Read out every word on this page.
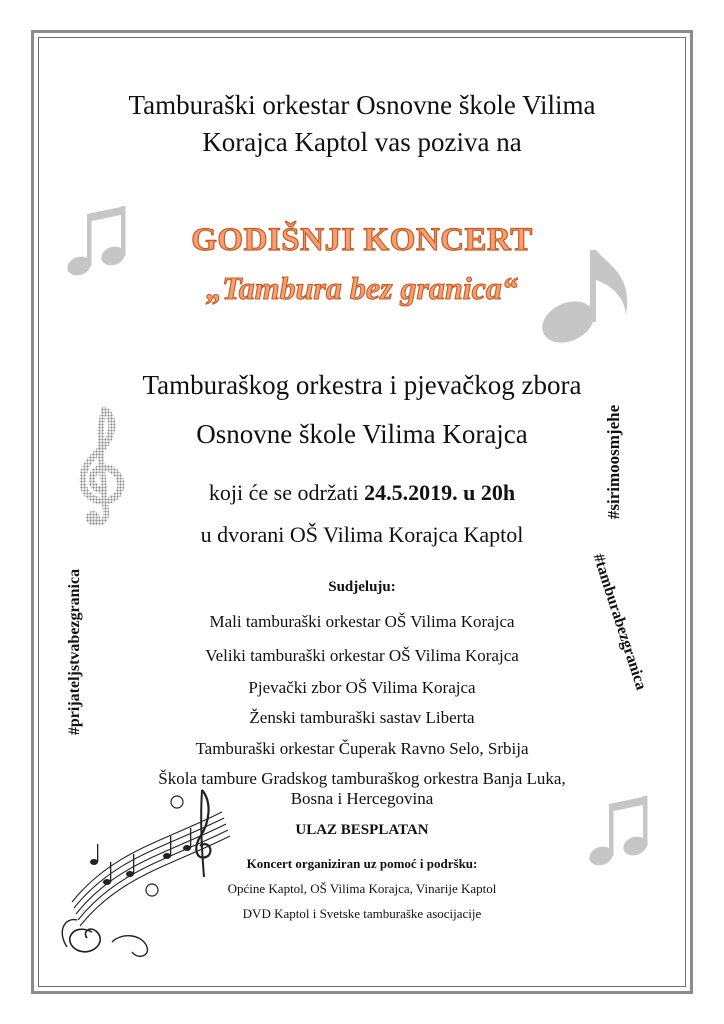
Tamburaški orkestar Osnovne škole Vilima
Korajca Kaptol vas poziva na
GODIŠNJI KONCERT
„Tambura bez granica“
Tamburaškog orkestra i pjevačkog zbora
Osnovne škole Vilima Korajca	#sirimoosmjehe
koji će se održati 24.5.2019. u 20h
u dvorani OŠ Vilima Korajca Kaptol
Sudjeluju:
Mali tamburaški orkestar OŠ Vilima Korajca
Veliki tamburaški orkestar OŠ Vilima Korajca
Pjevački zbor OŠ Vilima Korajca
Ženski tamburaški sastav Liberta
Tamburaški orkestar Čuperak Ravno Selo, Srbija
Škola tambure Gradskog tamburaškog orkestra Banja Luka,
Bosna i Hercegovina
#prijateljstvabezgranica	#tamburabezgranica
ULAZ BESPLATAN
Koncert organiziran uz pomoć i podršku:
Općine Kaptol, OŠ Vilima Korajca, Vinarije Kaptol
DVD Kaptol i Svetske tamburaške asocijacije
